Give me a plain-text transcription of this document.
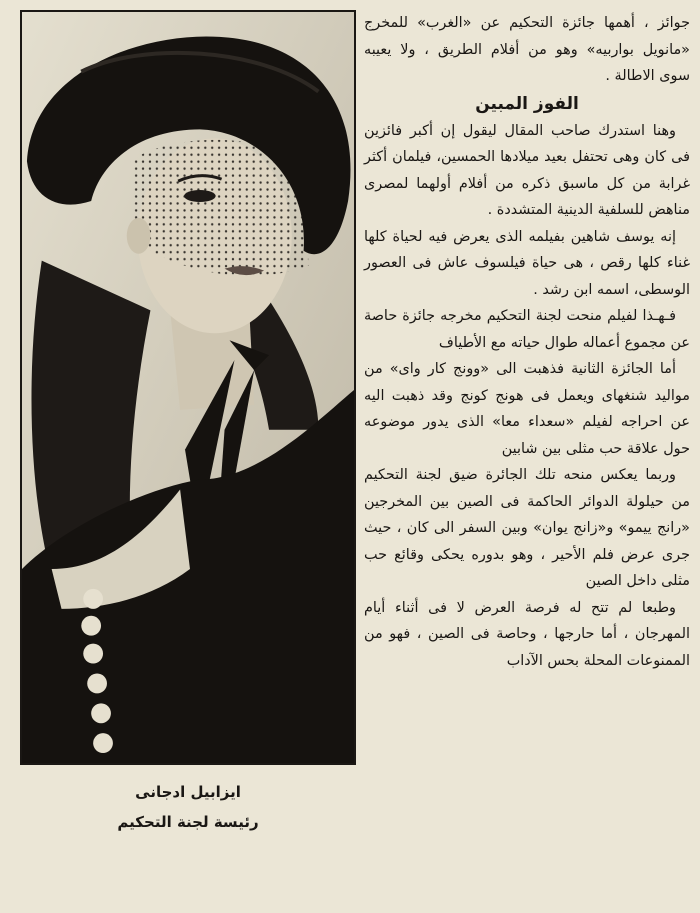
ايزابيل ادجانى
رئيسة لجنة التحكيم

جوائز ، أهمها جائزة التحكيم عن «الغرب» للمخرج «مانويل بواربيه» وهو من أفلام الطريق ، ولا يعيبه سوى الاطالة .

الفوز المبين

وهنا استدرك صاحب المقال ليقول إن أكبر فائزين فى كان وهى تحتفل بعيد ميلادها الحمسين، فيلمان أكثر غرابة من كل ماسبق ذكره من أفلام أولهما لمصرى مناهض للسلفية الدينية المتشددة .

إنه يوسف شاهين بفيلمه الذى يعرض فيه لحياة كلها غناء كلها رقص ، هى حياة فيلسوف عاش فى العصور الوسطى، اسمه ابن رشد .

فـهـذا لفيلم منحت لجنة التحكيم مخرجه جائزة حاصة عن مجموع أعماله طوال حياته مع الأطياف

أما الجائزة الثانية فذهبت الى «وونج كار واى» من مواليد شنغهاى ويعمل فى هونج كونج وقد ذهبت اليه عن احراجه لفيلم «سعداء معا» الذى يدور موضوعه حول علاقة حب مثلى بين شابين

وربما يعكس منحه تلك الجائرة ضيق لجنة التحكيم من حيلولة الدوائر الحاكمة فى الصين بين المخرجين «رانج ييمو» و«زانج يوان» وبين السفر الى كان ، حيث جرى عرض فلم الأحير ، وهو بدوره يحكى وقائع حب مثلى داخل الصين

وطبعا لم تتح له فرصة العرض لا فى أثناء أيام المهرجان ، أما حارجها ، وحاصة فى الصين ، فهو من الممنوعات المحلة بحس الآداب
